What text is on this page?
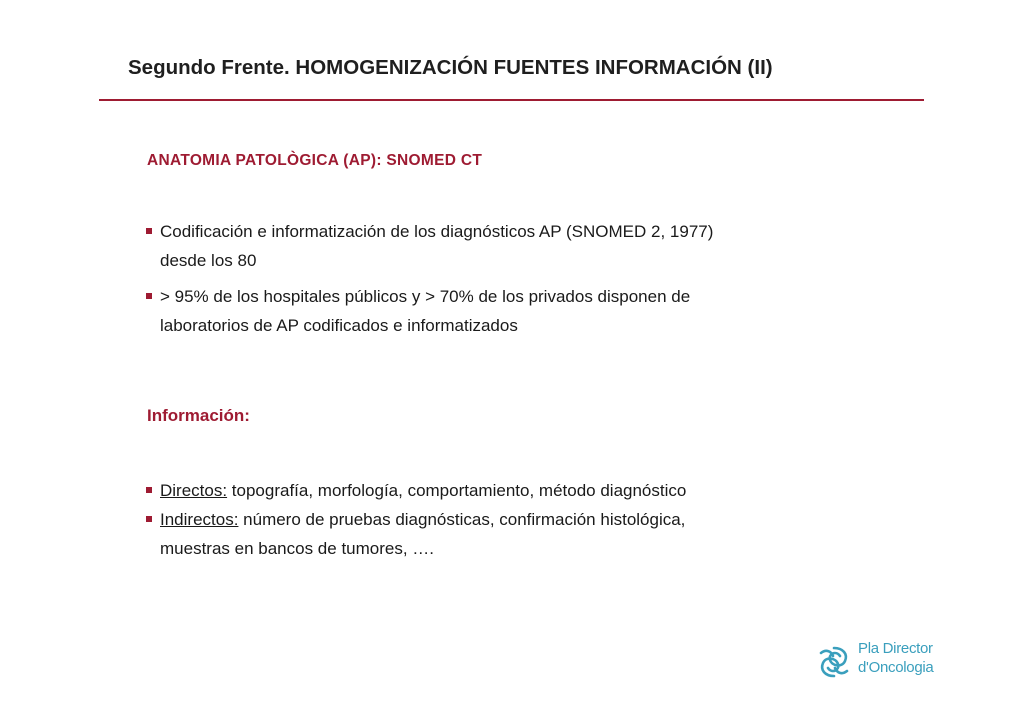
Segundo Frente. HOMOGENIZACIÓN FUENTES INFORMACIÓN (II)
ANATOMIA PATOLÒGICA (AP): SNOMED CT
Codificación e informatización de los diagnósticos AP (SNOMED 2, 1977)
desde los 80
> 95% de los hospitales públicos y > 70% de los privados disponen de
laboratorios de AP codificados e informatizados
Información:
Directos: topografía, morfología, comportamiento, método diagnóstico
Indirectos: número de pruebas diagnósticas, confirmación histológica,
muestras en bancos de tumores, ….
Pla Director
d'Oncologia
